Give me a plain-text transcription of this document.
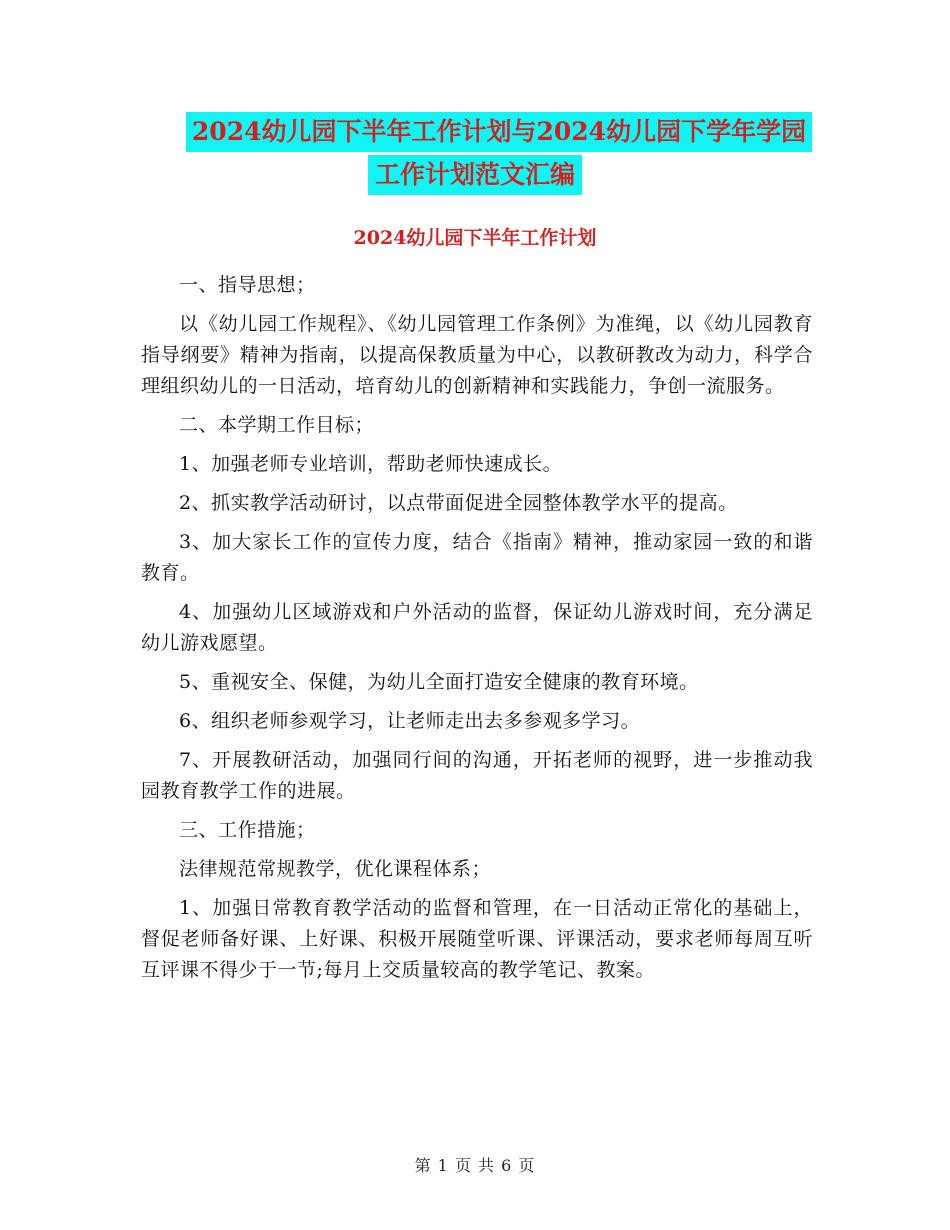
2024幼儿园下半年工作计划与2024幼儿园下学年学园
工作计划范文汇编
2024幼儿园下半年工作计划

一、指导思想；

以《幼儿园工作规程》、《幼儿园管理工作条例》为准绳，以《幼儿园教育指导纲要》精神为指南，以提高保教质量为中心，以教研教改为动力，科学合理组织幼儿的一日活动，培育幼儿的创新精神和实践能力，争创一流服务。

二、本学期工作目标；

1、加强老师专业培训，帮助老师快速成长。

2、抓实教学活动研讨，以点带面促进全园整体教学水平的提高。

3、加大家长工作的宣传力度，结合《指南》精神，推动家园一致的和谐教育。

4、加强幼儿区域游戏和户外活动的监督，保证幼儿游戏时间，充分满足幼儿游戏愿望。

5、重视安全、保健，为幼儿全面打造安全健康的教育环境。

6、组织老师参观学习，让老师走出去多参观多学习。

7、开展教研活动，加强同行间的沟通，开拓老师的视野，进一步推动我园教育教学工作的进展。

三、工作措施；

法律规范常规教学，优化课程体系；

1、加强日常教育教学活动的监督和管理，在一日活动正常化的基础上，督促老师备好课、上好课、积极开展随堂听课、评课活动，要求老师每周互听互评课不得少于一节;每月上交质量较高的教学笔记、教案。

第 1 页 共 6 页
